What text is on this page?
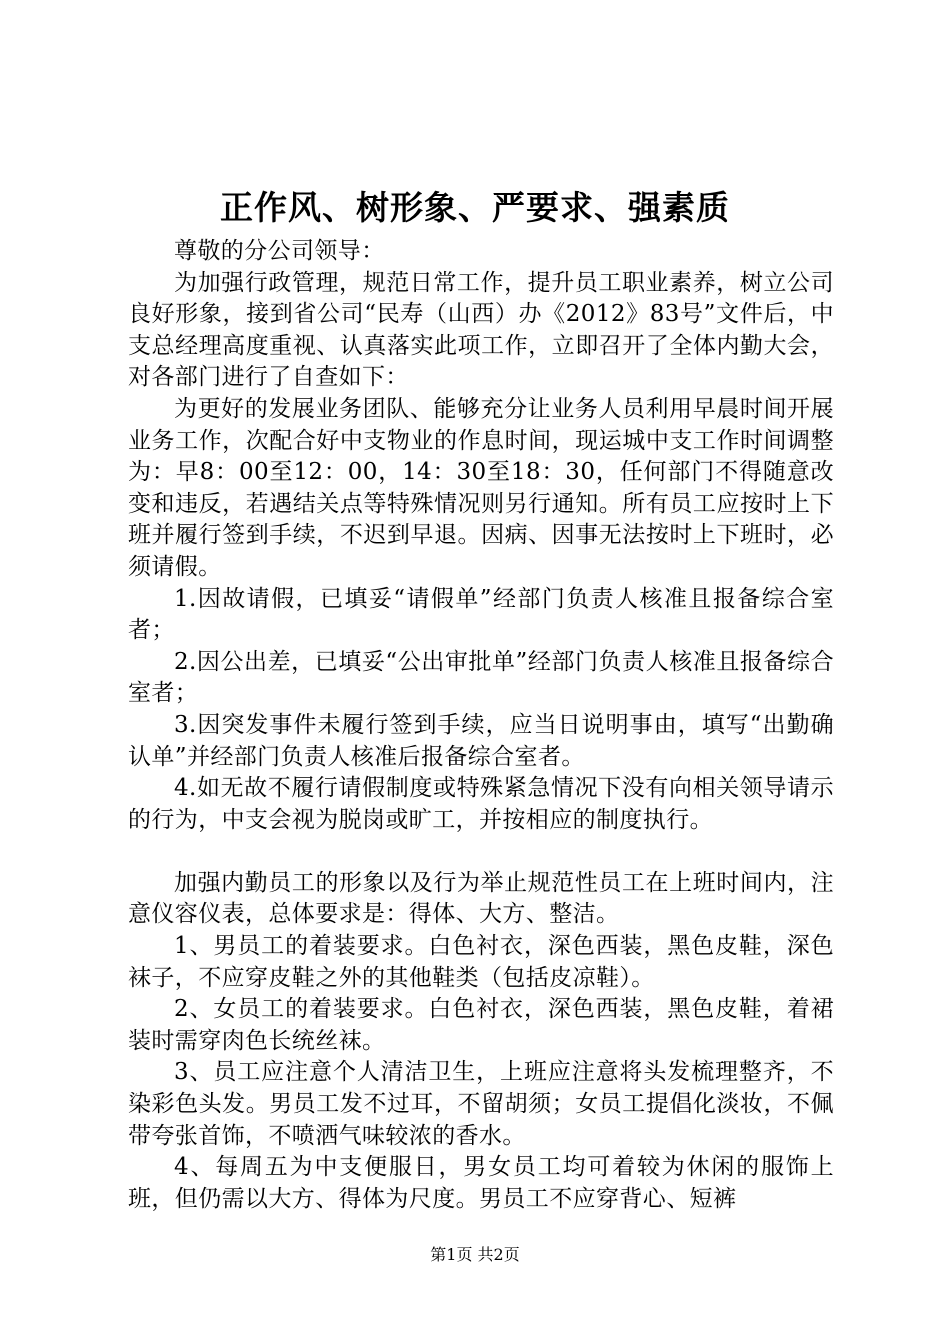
正作风、树形象、严要求、强素质

尊敬的分公司领导：

为加强行政管理，规范日常工作，提升员工职业素养，树立公司良好形象，接到省公司“民寿（山西）办《2012》83号”文件后，中支总经理高度重视、认真落实此项工作，立即召开了全体内勤大会，对各部门进行了自查如下：

为更好的发展业务团队、能够充分让业务人员利用早晨时间开展业务工作，次配合好中支物业的作息时间，现运城中支工作时间调整为：早8：00至12：00，14：30至18：30，任何部门不得随意改变和违反，若遇结关点等特殊情况则另行通知。所有员工应按时上下班并履行签到手续，不迟到早退。因病、因事无法按时上下班时，必须请假。

1.因故请假，已填妥“请假单”经部门负责人核准且报备综合室者；

2.因公出差，已填妥“公出审批单”经部门负责人核准且报备综合室者；

3.因突发事件未履行签到手续，应当日说明事由，填写“出勤确认单”并经部门负责人核准后报备综合室者。

4.如无故不履行请假制度或特殊紧急情况下没有向相关领导请示的行为，中支会视为脱岗或旷工，并按相应的制度执行。

加强内勤员工的形象以及行为举止规范性员工在上班时间内，注意仪容仪表，总体要求是：得体、大方、整洁。

1、男员工的着装要求。白色衬衣，深色西装，黑色皮鞋，深色袜子，不应穿皮鞋之外的其他鞋类（包括皮凉鞋）。

2、女员工的着装要求。白色衬衣，深色西装，黑色皮鞋，着裙装时需穿肉色长统丝袜。

3、员工应注意个人清洁卫生，上班应注意将头发梳理整齐，不染彩色头发。男员工发不过耳，不留胡须；女员工提倡化淡妆，不佩带夸张首饰，不喷洒气味较浓的香水。

4、每周五为中支便服日，男女员工均可着较为休闲的服饰上班，但仍需以大方、得体为尺度。男员工不应穿背心、短裤

第1页 共2页
